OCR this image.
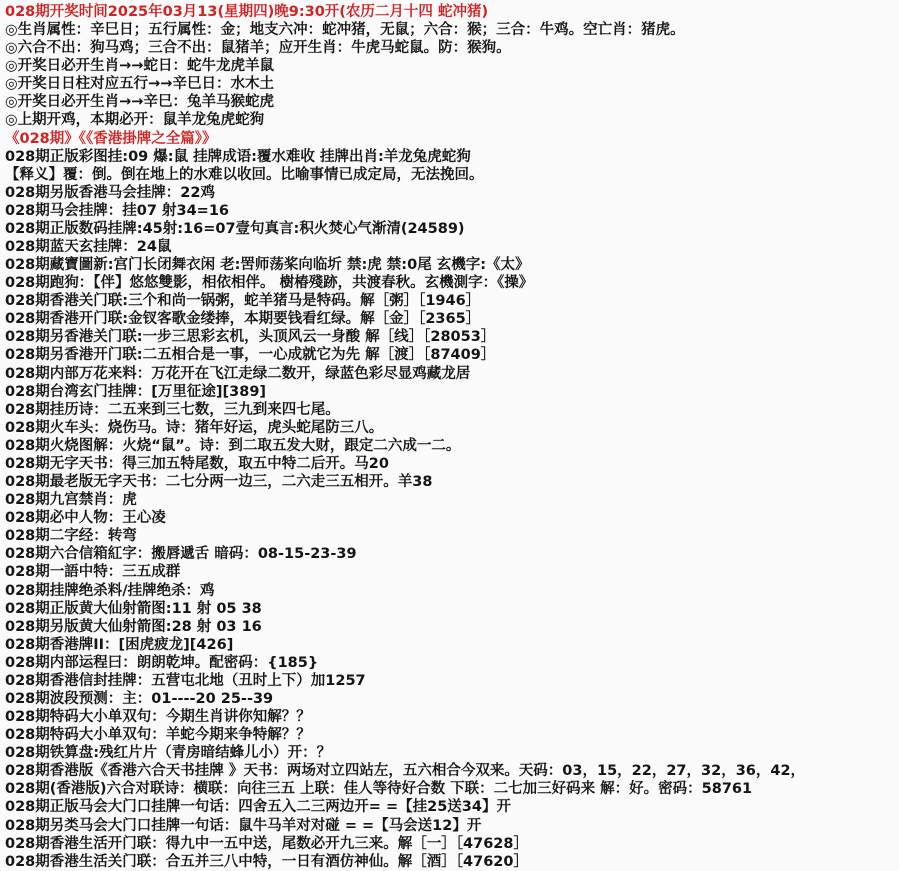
028期开奖时间2025年03月13(星期四)晚9:30开(农历二月十四 蛇冲猪)
◎生肖属性：辛巳日；五行属性：金；地支六冲：蛇冲猪，无鼠；六合：猴；三合：牛鸡。空亡肖：猪虎。
◎六合不出：狗马鸡；三合不出：鼠猪羊；应开生肖：牛虎马蛇鼠。防：猴狗。
◎开奖日必开生肖→→蛇日：蛇牛龙虎羊鼠
◎开奖日日柱对应五行→→辛巳日：水木土
◎开奖日必开生肖→→辛巳：兔羊马猴蛇虎
◎上期开鸡，本期必开：鼠羊龙兔虎蛇狗
《028期》《《香港掛牌之全篇》》
028期正版彩图挂:09 爆:鼠 挂牌成语:覆水难收 挂牌出肖:羊龙兔虎蛇狗
【释义】覆：倒。倒在地上的水难以收回。比喻事情已成定局，无法挽回。
028期另版香港马会挂牌：22鸡
028期马会挂牌：挂07 射34=16
028期正版数码挂牌:45射:16=07壹句真言:积火焚心气渐清(24589)
028期蓝天玄挂牌：24鼠
028期藏寶圖新:宫门长闭舞衣闲 老:罟师荡桨向临圻 禁:虎 禁:0尾 玄機字:《太》
028期跑狗：【伴】悠悠雙影，相依相伴。 樹椿殘跡，共渡春秋。玄機測字：《操》
028期香港关门联:三个和尚一锅粥，蛇羊猪马是特码。解［粥］［1946］
028期香港开门联:金钗客歌金缕捧，本期要钱看红绿。解［金］［2365］
028期另香港关门联:一步三思彩玄机，头顶风云一身酸 解［线］［28053］
028期另香港开门联:二五相合是一事，一心成就它为先 解［渡］［87409］
028期内部万花来料：万花开在飞江走绿二数开，绿蓝色彩尽显鸡藏龙居
028期台湾玄门挂牌：[万里征途][389]
028期挂历诗：二五来到三七数，三九到来四七尾。
028期火车头：烧伤马。诗：猪年好运，虎头蛇尾防三八。
028期火烧图解：火烧“鼠”。诗：到二取五发大财，跟定二六成一二。
028期无字天书：得三加五特尾数，取五中特二后开。马20
028期最老版无字天书：二七分两一边三，二六走三五相开。羊38
028期九宫禁肖：虎
028期必中人物：王心凌
028期二字经：转弯
028期六合信箱紅字：搬唇遞舌 暗码：08-15-23-39
028期一語中特：三五成群
028期挂牌绝杀料/挂牌绝杀：鸡
028期正版黄大仙射箭图:11 射 05 38
028期另版黄大仙射箭图:28 射 03 16
028期香港牌II：[困虎疲龙][426]
028期内部运程曰：朗朗乾坤。配密码：{185}
028期香港信封挂牌：五营屯北地（丑时上下）加1257
028期波段预测：主：01----20 25--39
028期特码大小单双句：今期生肖讲你知解？？
028期特码大小单双句：羊蛇今期来争特解？？
028期铁算盘:残红片片（青房暗结蜂儿小）开：？
028期香港版《香港六合天书挂牌 》天书：两场对立四站左，五六相合今双来。天码：03，15，22，27，32，36，42，
028期(香港版)六合对联诗：横联：向往三五 上联：佳人等待好合数 下联：二七加三好码来 解：好。密码：58761
028期正版马会大门口挂牌一句话：四舍五入二三两边开= =【挂25送34】开
028期另类马会大门口挂牌一句话：鼠牛马羊对对碰 = =【马会送12】开
028期香港生活开门联：得九中一五中送，尾数必开九三来。解［一］［47628］
028期香港生活关门联：合五并三八中特，一日有酒仿神仙。解［酒］［47620］
